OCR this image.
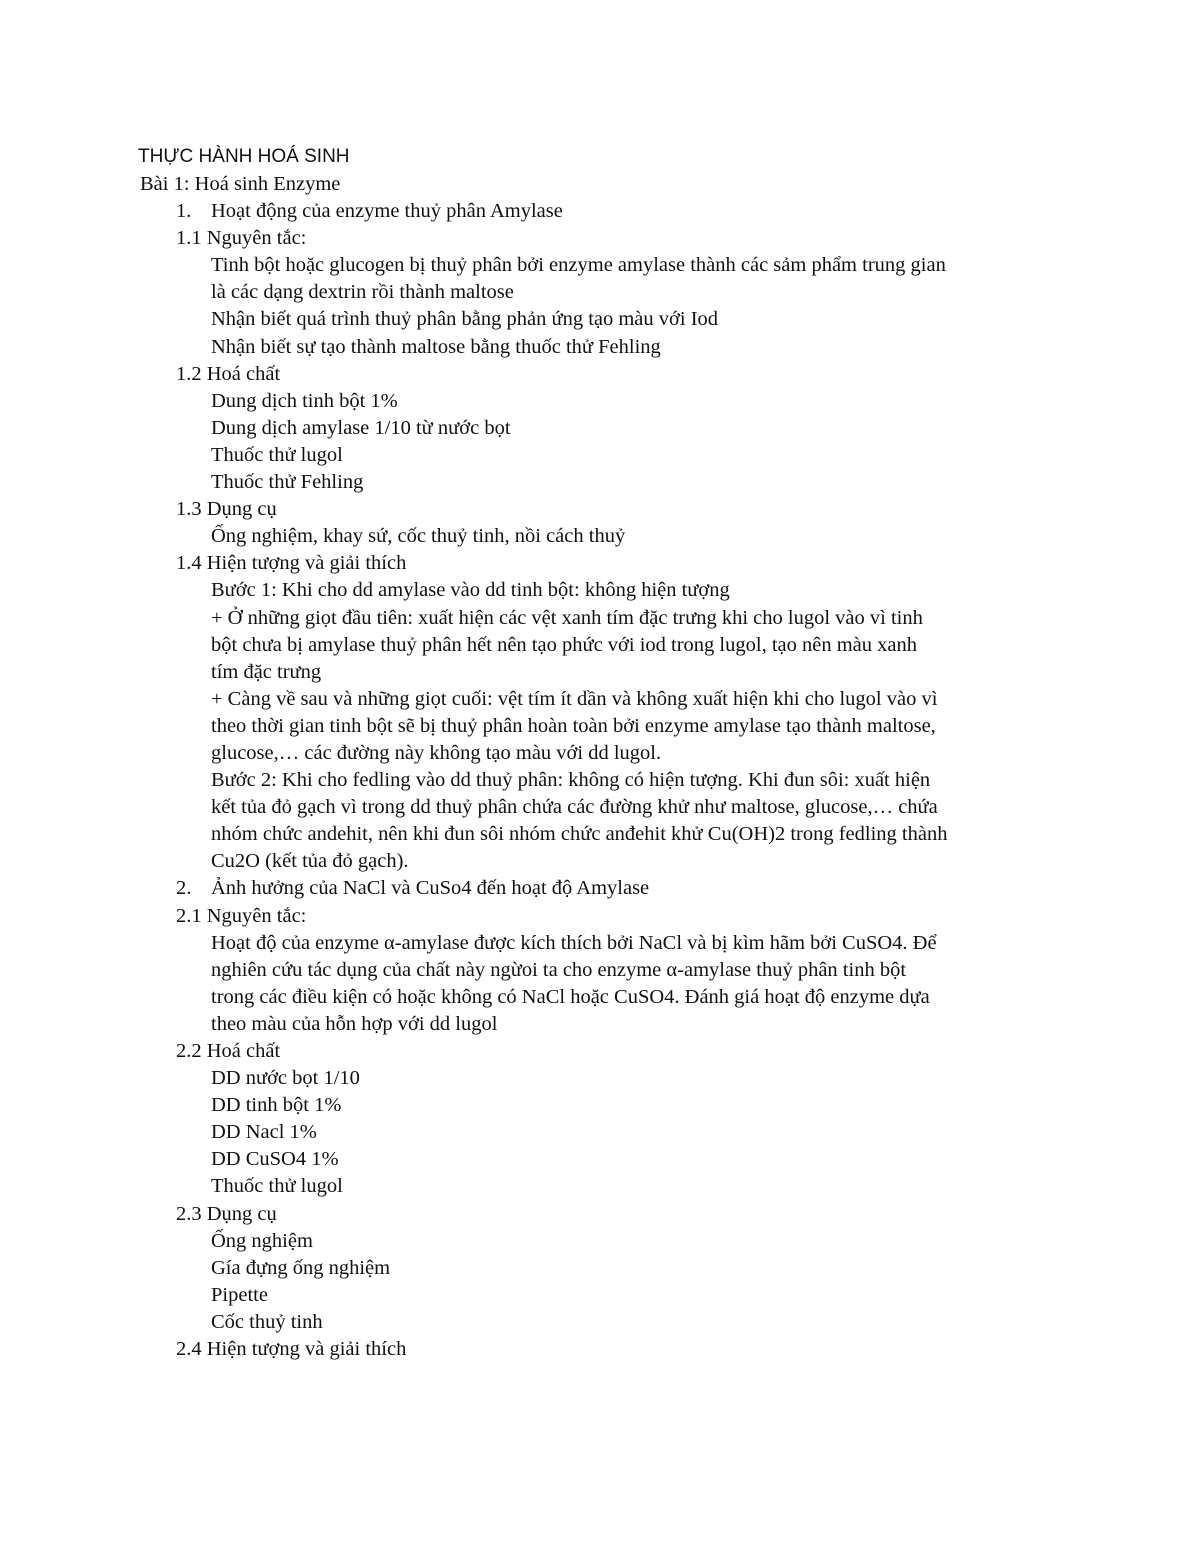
THỰC HÀNH HOÁ SINH
Bài 1: Hoá sinh Enzyme
1. Hoạt động của enzyme thuỷ phân Amylase
1.1 Nguyên tắc:
Tinh bột hoặc glucogen bị thuỷ phân bởi enzyme amylase thành các sảm phẩm trung gian
là các dạng dextrin rồi thành maltose
Nhận biết quá trình thuỷ phân bằng phản ứng tạo màu với Iod
Nhận biết sự tạo thành maltose bằng thuốc thử Fehling
1.2 Hoá chất
Dung dịch tinh bột 1%
Dung dịch amylase 1/10 từ nước bọt
Thuốc thử lugol
Thuốc thử Fehling
1.3 Dụng cụ
Ống nghiệm, khay sứ, cốc thuỷ tinh, nồi cách thuỷ
1.4 Hiện tượng và giải thích
Bước 1: Khi cho dd amylase vào dd tinh bột: không hiện tượng
+ Ở những giọt đầu tiên: xuất hiện các vệt xanh tím đặc trưng khi cho lugol vào vì tinh
bột chưa bị amylase thuỷ phân hết nên tạo phức với iod trong lugol, tạo nên màu xanh
tím đặc trưng
+ Càng về sau và những giọt cuối: vệt tím ít dần và không xuất hiện khi cho lugol vào vì
theo thời gian tinh bột sẽ bị thuỷ phân hoàn toàn bởi enzyme amylase tạo thành maltose,
glucose,… các đường này không tạo màu với dd lugol.
Bước 2: Khi cho fedling vào dd thuỷ phân: không có hiện tượng. Khi đun sôi: xuất hiện
kết tủa đỏ gạch vì trong dd thuỷ phân chứa các đường khử như maltose, glucose,… chứa
nhóm chức andehit, nên khi đun sôi nhóm chức anđehit khử Cu(OH)2 trong fedling thành
Cu2O (kết tủa đỏ gạch).
2. Ảnh hưởng của NaCl và CuSo4 đến hoạt độ Amylase
2.1 Nguyên tắc:
Hoạt độ của enzyme α-amylase được kích thích bởi NaCl và bị kìm hãm bởi CuSO4. Để
nghiên cứu tác dụng của chất này ngừoi ta cho enzyme α-amylase thuỷ phân tinh bột
trong các điều kiện có hoặc không có NaCl hoặc CuSO4. Đánh giá hoạt độ enzyme dựa
theo màu của hỗn hợp với dd lugol
2.2 Hoá chất
DD nước bọt 1/10
DD tinh bột 1%
DD Nacl 1%
DD CuSO4 1%
Thuốc thử lugol
2.3 Dụng cụ
Ống nghiệm
Gía đựng ống nghiệm
Pipette
Cốc thuỷ tinh
2.4 Hiện tượng và giải thích
